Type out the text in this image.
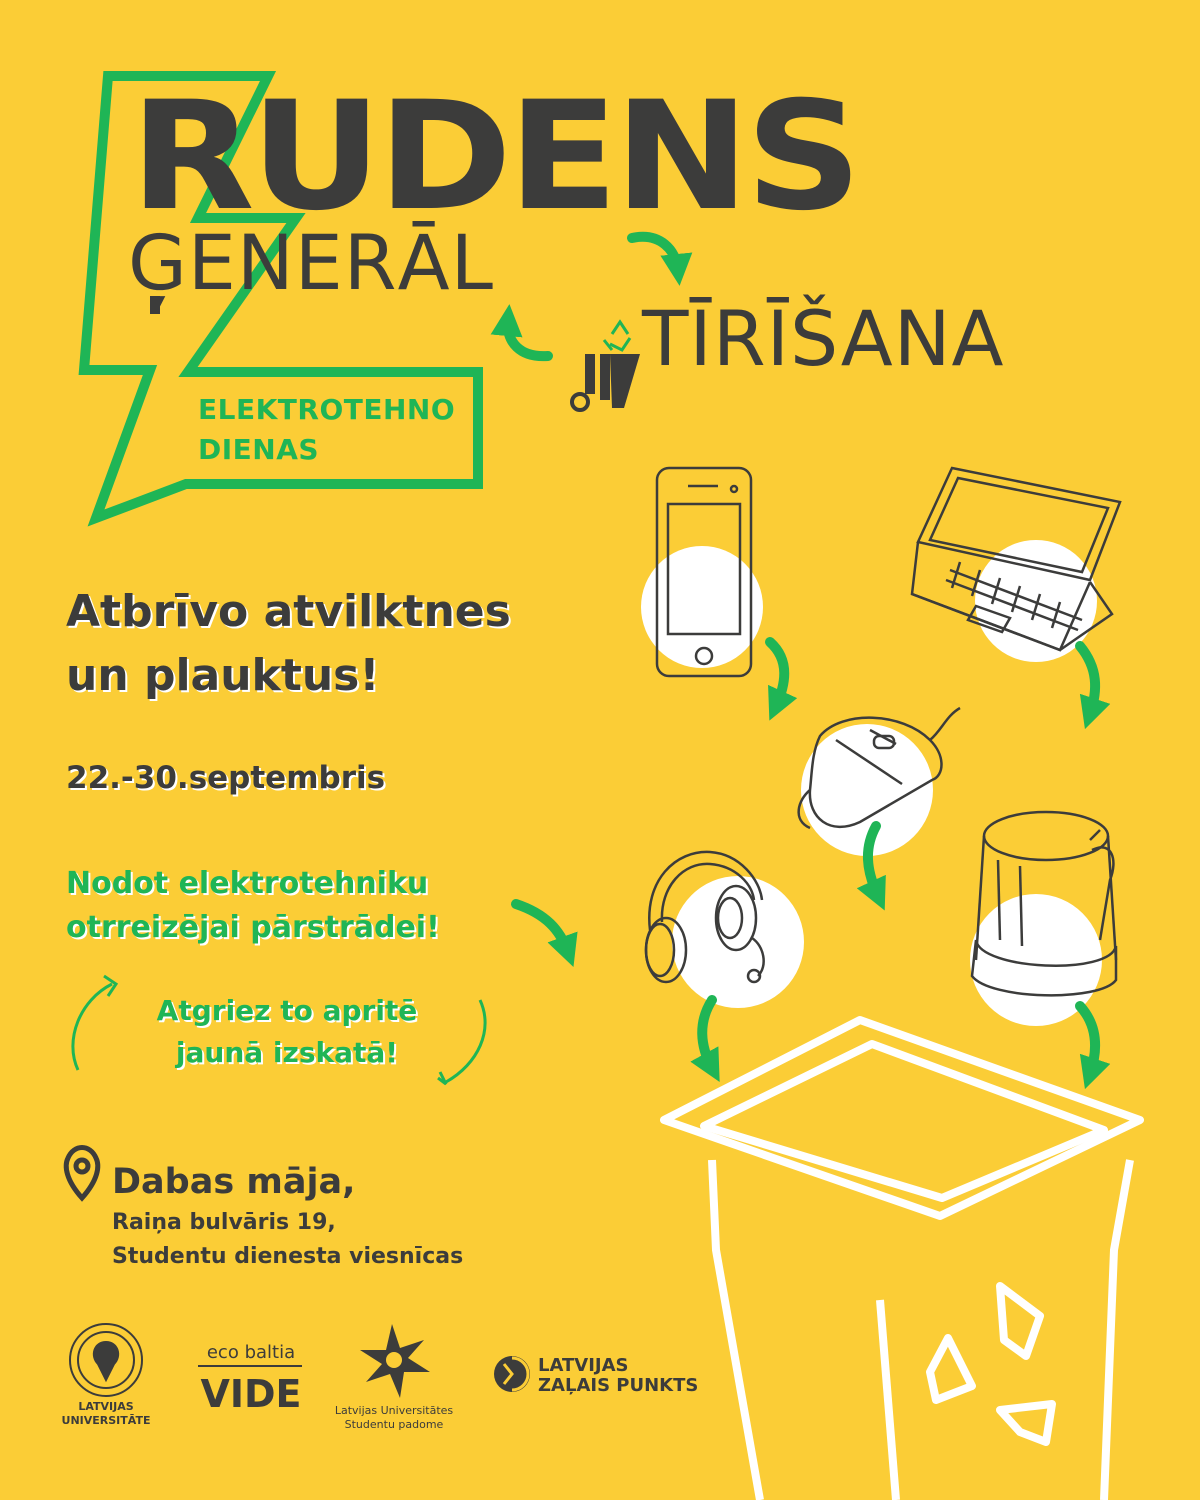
RUDENS
ĢENERĀL
TĪRĪŠANA
ELEKTROTEHNO
DIENAS
Atbrīvo atvilktnes
un plauktus!
22.-30.septembris
Nodot elektrotehniku
otrreizējai pārstrādei!
Atgriez to apritē
jaunā izskatā!
Dabas māja,
Raiņa bulvāris 19,
Studentu dienesta viesnīcas
LATVIJAS
UNIVERSITĀTE
eco baltia
VIDE	Latvijas Universitātes
Studentu padome
LATVIJAS
ZAĻAIS PUNKTS
